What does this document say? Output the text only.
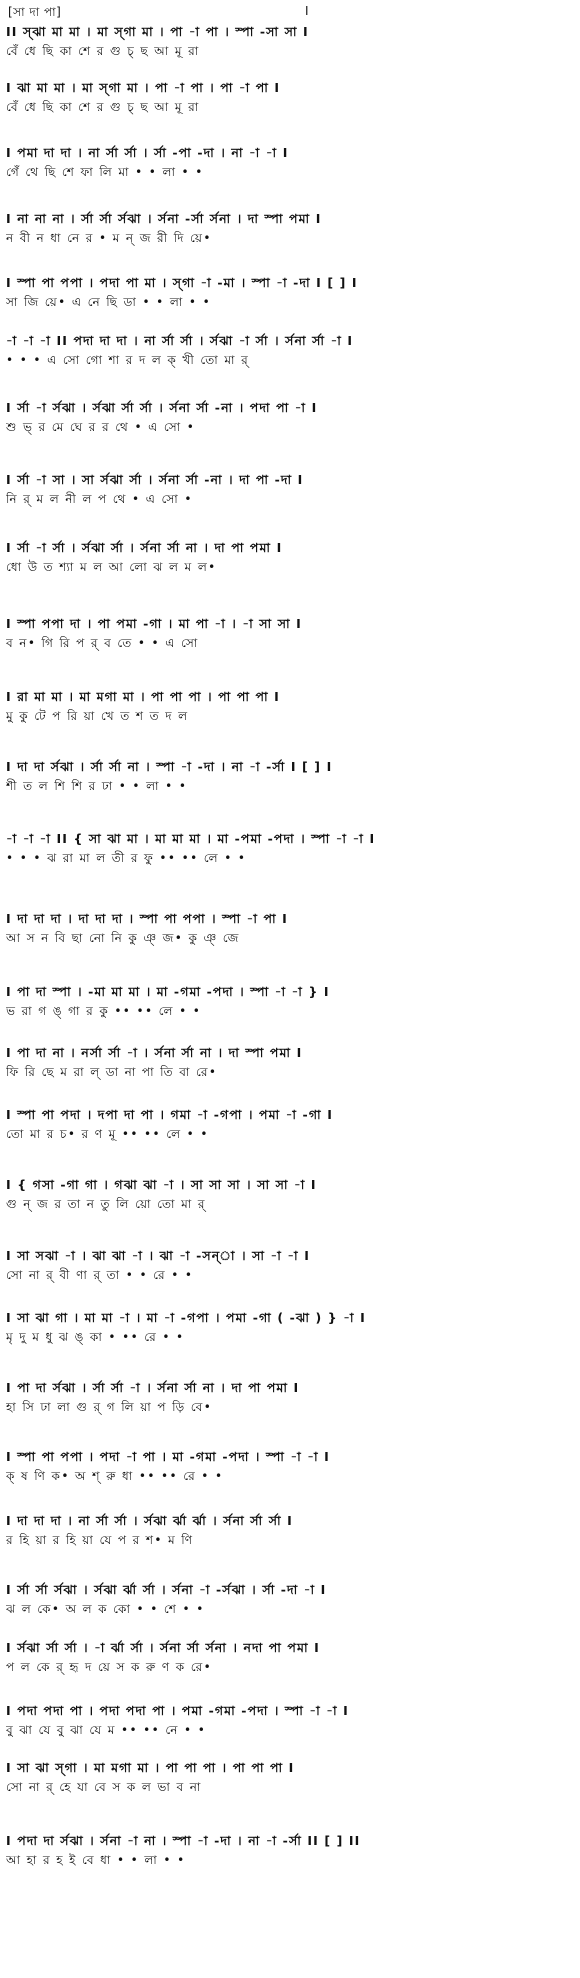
[সা দা পা]	I
II স্ঝা মা মা । মা স্গা মা । পা -া পা । স্পা -সা সা I
বেঁ ধে ছি কা শে র গু চ্ ছ আ মূ রা
I ঝা মা মা । মা স্গা মা । পা -া পা । পা -া পা I
বেঁ ধে ছি কা শে র গু চ্ ছ আ মূ রা
I পমা দা দা । না র্সা র্সা । র্সা -পা -দা । না -া -া I
গেঁ থে ছি শে ফা লি মা • • লা • •
I না না না । র্সা র্সা র্সঝা । র্সনা -র্সা র্সনা । দা স্পা পমা I
ন বী ন ধা নে র • ম ন্ জ রী দি য়ে•
I স্পা পা পপা । পদা পা মা । স্গা -া -মা । স্পা -া -দা I [ ] I
সা জি য়ে• এ নে ছি ডা • • লা • •
-া -া -া II পদা দা দা । না র্সা র্সা । র্সঝা -া র্সা । র্সনা র্সা -া I
• • • এ সো গো শা র দ ল ক্ খী তো মা র্
I র্সা -া র্সঝা । র্সঝা র্সা র্সা । র্সনা র্সা -না । পদা পা -া I
শু ভ্ র মে ঘে র র থে • এ সো •
I র্সা -া সা । সা র্সঝা র্সা । র্সনা র্সা -না । দা পা -দা I
নি র্ ম ল নী ল প থে • এ সো •
I র্সা -া র্সা । র্সঝা র্সা । র্সনা র্সা না । দা পা পমা I
ধো উ ত শ্যা ম ল আ লো ঝ ল ম ল•
I স্পা পপা দা । পা পমা -গা । মা পা -া । -া সা সা I
ব ন• গি রি প র্ ব তে • • এ সো
I রা মা মা । মা মগা মা । পা পা পা । পা পা পা I
মু কু টে প রি য়া খে ত শ ত দ ল
I দা দা র্সঝা । র্সা র্সা না । স্পা -া -দা । না -া -র্সা I [ ] I
শী ত ল শি শি র ঢা • • লা • •
-া -া -া II { সা ঝা মা । মা মা মা । মা -পমা -পদা । স্পা -া -া I
• • • ঝ রা মা ল তী র ফু •• •• লে • •
I দা দা দা । দা দা দা । স্পা পা পপা । স্পা -া পা I
আ স ন বি ছা নো নি কু ঞ্ জ• কু ঞ্ জে
I পা দা স্পা । -মা মা মা । মা -গমা -পদা । স্পা -া -া } I
ভ রা গ ঙ্ গা র কু •• •• লে • •
I পা দা না । নর্সা র্সা -া । র্সনা র্সা না । দা স্পা পমা I
ফি রি ছে ম রা ল্ ডা না পা তি বা রে•
I স্পা পা পদা । দপা দা পা । গমা -া -গপা । পমা -া -গা I
তো মা র চ• র ণ মূ •• •• লে • •
I { গসা -গা গা । গঝা ঝা -া । সা সা সা । সা সা -া I
গু ন্ জ র তা ন তু লি য়ো তো মা র্
I সা সঝা -া । ঝা ঝা -া । ঝা -া -সন্া । সা -া -া I
সো না র্ বী ণা র্ তা • • রে • •
I সা ঝা গা । মা মা -া । মা -া -গপা । পমা -গা ( -ঝা ) } -া I
মৃ দু ম ধু ঝ ঙ্ কা • •• রে • •
I পা দা র্সঝা । র্সা র্সা -া । র্সনা র্সা না । দা পা পমা I
হা সি ঢা লা গু র্ গ লি য়া প ড়ি বে•
I স্পা পা পপা । পদা -া পা । মা -গমা -পদা । স্পা -া -া I
ক্ ষ ণি ক• অ শ্ রু ধা •• •• রে • •
I দা দা দা । না র্সা র্সা । র্সঝা র্ঝা র্ঝা । র্সনা র্সা র্সা I
র হি য়া র হি য়া যে প র শ• ম ণি
I র্সা র্সা র্সঝা । র্সঝা র্ঝা র্সা । র্সনা -া -র্সঝা । র্সা -দা -া I
ঝ ল কে• অ ল ক কো • • শে • •
I র্সঝা র্সা র্সা । -া র্ঝা র্সা । র্সনা র্সা র্সনা । নদা পা পমা I
প ল কে র্ হৃ দ য়ে স ক রু ণ ক রে•
I পদা পদা পা । পদা পদা পা । পমা -গমা -পদা । স্পা -া -া I
বু ঝা যে বু ঝা যে ম •• •• নে • •
I সা ঝা স্গা । মা মগা মা । পা পা পা । পা পা পা I
সো না র্ হে যা বে স ক ল ভা ব না
I পদা দা র্সঝা । র্সনা -া না । স্পা -া -দা । না -া -র্সা II [ ] II
আ হা র হ ই বে ধা • • লা • •
